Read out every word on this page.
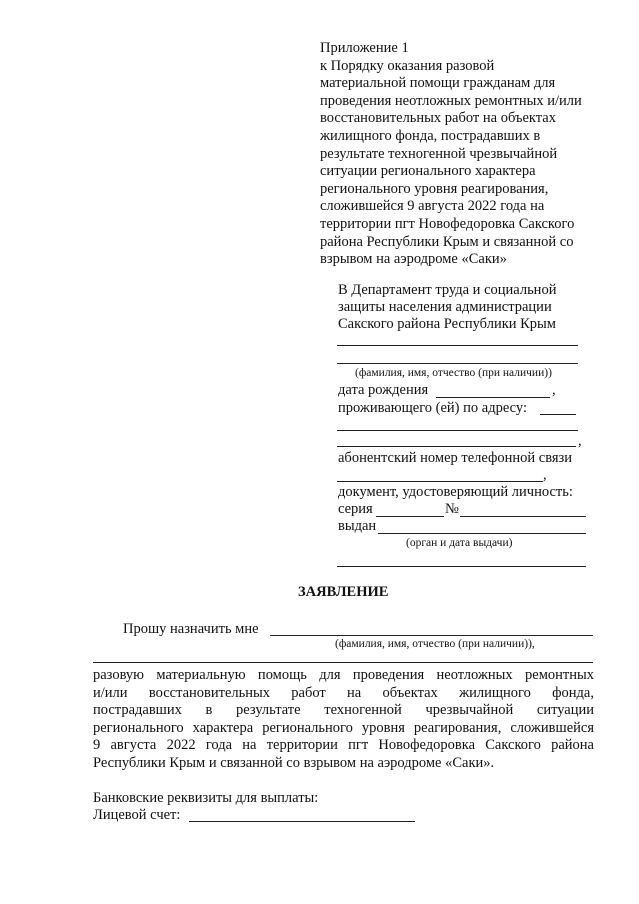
Приложение 1
к Порядку оказания разовой
материальной помощи гражданам для
проведения неотложных ремонтных и/или
восстановительных работ на объектах
жилищного фонда, пострадавших в
результате техногенной чрезвычайной
ситуации регионального характера
регионального уровня реагирования,
сложившейся 9 августа 2022 года на
территории пгт Новофедоровка Сакского
района Республики Крым и связанной со
взрывом на аэродроме «Саки»
В Департамент труда и социальной
защиты населения администрации
Сакского района Республики Крым
(фамилия, имя, отчество (при наличии))
дата рождения	,
проживающего (ей) по адресу:
,
абонентский номер телефонной связи
,
документ, удостоверяющий личность:
серия	№
выдан
(орган и дата выдачи)
ЗАЯВЛЕНИЕ
Прошу назначить мне
(фамилия, имя, отчество (при наличии)),
разовую материальную помощь для проведения неотложных ремонтных
и/или восстановительных работ на объектах жилищного фонда,
пострадавших в результате техногенной чрезвычайной ситуации
регионального характера регионального уровня реагирования, сложившейся
9 августа 2022 года на территории пгт Новофедоровка Сакского района
Республики Крым и связанной со взрывом на аэродроме «Саки».
Банковские реквизиты для выплаты:
Лицевой счет:
